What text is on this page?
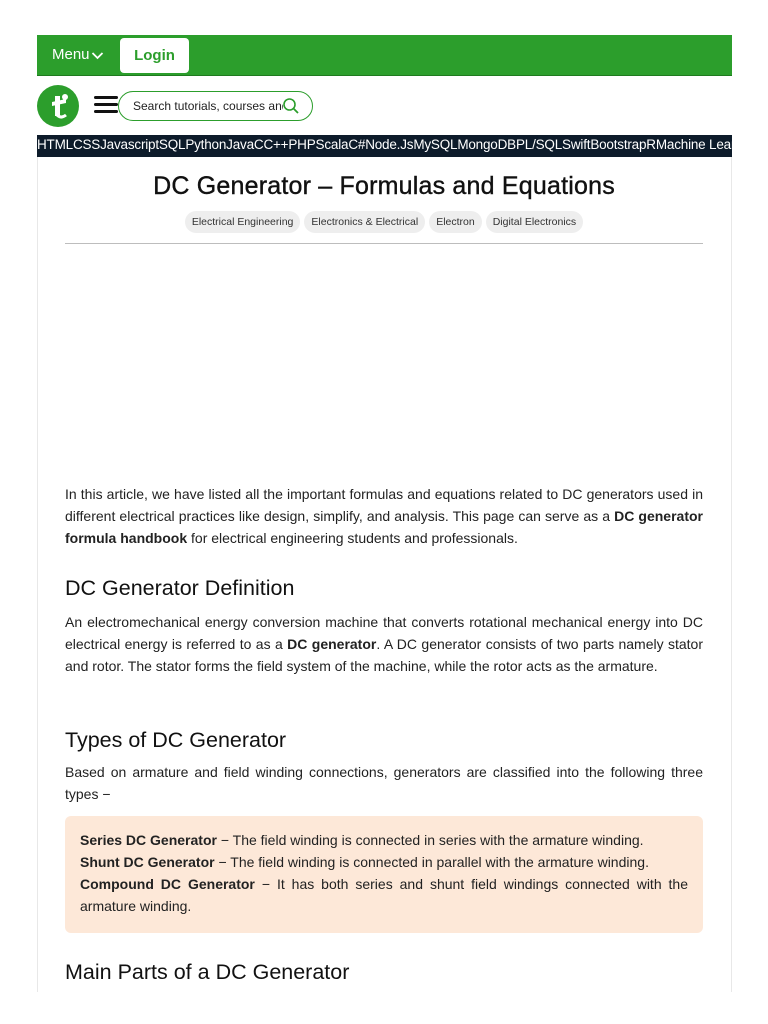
Menu	Login
Search tutorials, courses and ebooks...
HTMLCSSJavascriptSQLPythonJavaCC++PHPScalaC#Node.JsMySQLMongoDBPL/SQLSwiftBootstrapRMachine Learning
DC Generator – Formulas and Equations
Electrical Engineering Electronics & Electrical Electron Digital Electronics

In this article, we have listed all the important formulas and equations related to DC generators used in different electrical practices like design, simplify, and analysis. This page can serve as a DC generator formula handbook for electrical engineering students and professionals.

DC Generator Definition

An electromechanical energy conversion machine that converts rotational mechanical energy into DC electrical energy is referred to as a DC generator. A DC generator consists of two parts namely stator and rotor. The stator forms the field system of the machine, while the rotor acts as the armature.

Types of DC Generator

Based on armature and field winding connections, generators are classified into the following three types −

Series DC Generator − The field winding is connected in series with the armature winding.

Shunt DC Generator − The field winding is connected in parallel with the armature winding.

Compound DC Generator − It has both series and shunt field windings connected with the armature winding.

Main Parts of a DC Generator
